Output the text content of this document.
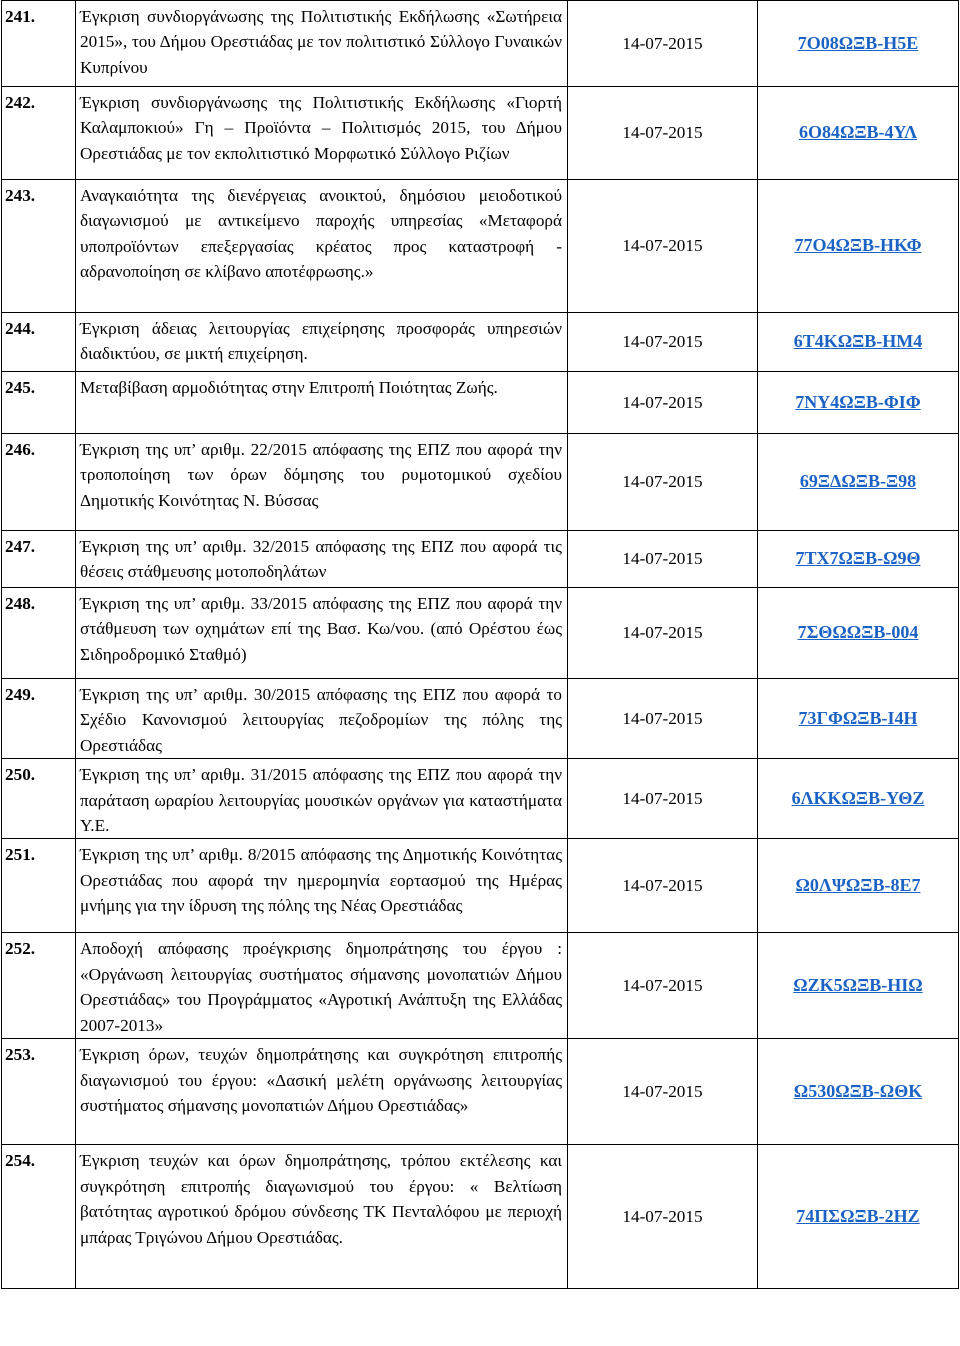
241.	Έγκριση συνδιοργάνωσης της Πολιτιστικής Εκδήλωσης «Σωτήρεια 2015», του Δήμου Ορεστιάδας με τον πολιτιστικό Σύλλογο Γυναικών Κυπρίνου	14-07-2015	7Ο08ΩΞΒ-Η5Ε
242.	Έγκριση συνδιοργάνωσης της Πολιτιστικής Εκδήλωσης «Γιορτή Καλαμποκιού» Γη – Προϊόντα – Πολιτισμός 2015, του Δήμου Ορεστιάδας με τον εκπολιτιστικό Μορφωτικό Σύλλογο Ριζίων	14-07-2015	6Ο84ΩΞΒ-4ΥΛ
243.	Αναγκαιότητα της διενέργειας ανοικτού, δημόσιου μειοδοτικού διαγωνισμού με αντικείμενο παροχής υπηρεσίας «Μεταφορά υποπροϊόντων επεξεργασίας κρέατος προς καταστροφή - αδρανοποίηση σε κλίβανο αποτέφρωσης.»	14-07-2015	77Ο4ΩΞΒ-ΗΚΦ
244.	Έγκριση άδειας λειτουργίας επιχείρησης προσφοράς υπηρεσιών διαδικτύου, σε μικτή επιχείρηση.	14-07-2015	6Τ4ΚΩΞΒ-ΗΜ4
245.	Μεταβίβαση αρμοδιότητας στην Επιτροπή Ποιότητας Ζωής.	14-07-2015	7ΝΥ4ΩΞΒ-ΦΙΦ
246.	Έγκριση της υπ’ αριθμ. 22/2015 απόφασης της ΕΠΖ που αφορά την τροποποίηση των όρων δόμησης του ρυμοτομικού σχεδίου Δημοτικής Κοινότητας Ν. Βύσσας	14-07-2015	69ΞΔΩΞΒ-Ξ98
247.	Έγκριση της υπ’ αριθμ. 32/2015 απόφασης της ΕΠΖ που αφορά τις θέσεις στάθμευσης μοτοποδηλάτων	14-07-2015	7ΤΧ7ΩΞΒ-Ω9Θ
248.	Έγκριση της υπ’ αριθμ. 33/2015 απόφασης της ΕΠΖ που αφορά την στάθμευση των οχημάτων επί της Βασ. Κω/νου. (από Ορέστου έως Σιδηροδρομικό Σταθμό)	14-07-2015	7ΣΘΩΩΞΒ-004
249.	Έγκριση της υπ’ αριθμ. 30/2015 απόφασης της ΕΠΖ που αφορά το Σχέδιο Κανονισμού λειτουργίας πεζοδρομίων της πόλης της Ορεστιάδας	14-07-2015	73ΓΦΩΞΒ-Ι4Η
250.	Έγκριση της υπ’ αριθμ. 31/2015 απόφασης της ΕΠΖ που αφορά την παράταση ωραρίου λειτουργίας μουσικών οργάνων για καταστήματα Υ.Ε.	14-07-2015	6ΛΚΚΩΞΒ-ΥΘΖ
251.	Έγκριση της υπ’ αριθμ. 8/2015 απόφασης της Δημοτικής Κοινότητας Ορεστιάδας που αφορά την ημερομηνία εορτασμού της Ημέρας μνήμης για την ίδρυση της πόλης της Νέας Ορεστιάδας	14-07-2015	Ω0ΛΨΩΞΒ-8Ε7
252.	Αποδοχή απόφασης προέγκρισης δημοπράτησης του έργου : «Οργάνωση λειτουργίας συστήματος σήμανσης μονοπατιών Δήμου Ορεστιάδας» του Προγράμματος «Αγροτική Ανάπτυξη της Ελλάδας 2007-2013»	14-07-2015	ΩΖΚ5ΩΞΒ-ΗΙΩ
253.	Έγκριση όρων, τευχών δημοπράτησης και συγκρότηση επιτροπής διαγωνισμού του έργου: «Δασική μελέτη οργάνωσης λειτουργίας συστήματος σήμανσης μονοπατιών Δήμου Ορεστιάδας»	14-07-2015	Ω530ΩΞΒ-ΩΘΚ
254.	Έγκριση τευχών και όρων δημοπράτησης, τρόπου εκτέλεσης και συγκρότηση επιτροπής διαγωνισμού του έργου: « Βελτίωση βατότητας αγροτικού δρόμου σύνδεσης ΤΚ Πενταλόφου με περιοχή μπάρας Τριγώνου Δήμου Ορεστιάδας.	14-07-2015	74ΠΣΩΞΒ-2ΗΖ
